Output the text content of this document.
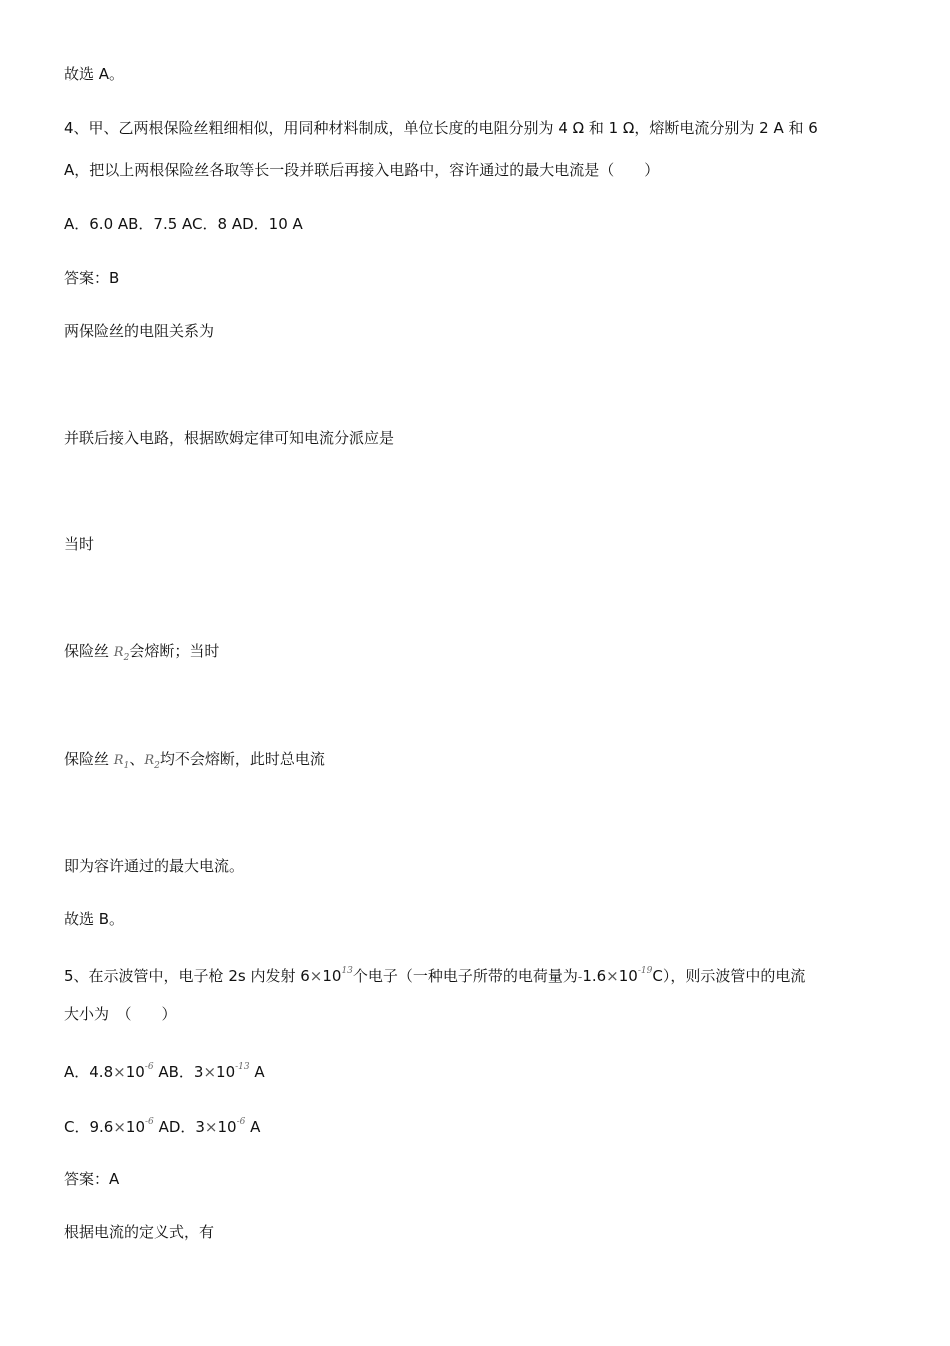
故选 A。
4、甲、乙两根保险丝粗细相似，用同种材料制成，单位长度的电阻分别为 4 Ω 和 1 Ω，熔断电流分别为 2 A 和 6
A，把以上两根保险丝各取等长一段并联后再接入电路中，容许通过的最大电流是（　　）
A．6.0 AB．7.5 AC．8 AD．10 A
答案：B
两保险丝的电阻关系为
并联后接入电路，根据欧姆定律可知电流分派应是
当时
保险丝 $R_2$会熔断；当时
保险丝 $R_1$、$R_2$均不会熔断，此时总电流
即为容许通过的最大电流。
故选 B。
5、在示波管中，电子枪 2s 内发射 $6\times 10^{13}$个电子（一种电子所带的电荷量为$-1.6\times 10^{-19}C$），则示波管中的电流
大小为　（　　）
A．$4.8\times 10^{-6}$ AB．$3\times 10^{-13}$ A
C．$9.6\times 10^{-6}$ AD．$3\times 10^{-6}$ A
答案：A
根据电流的定义式，有
